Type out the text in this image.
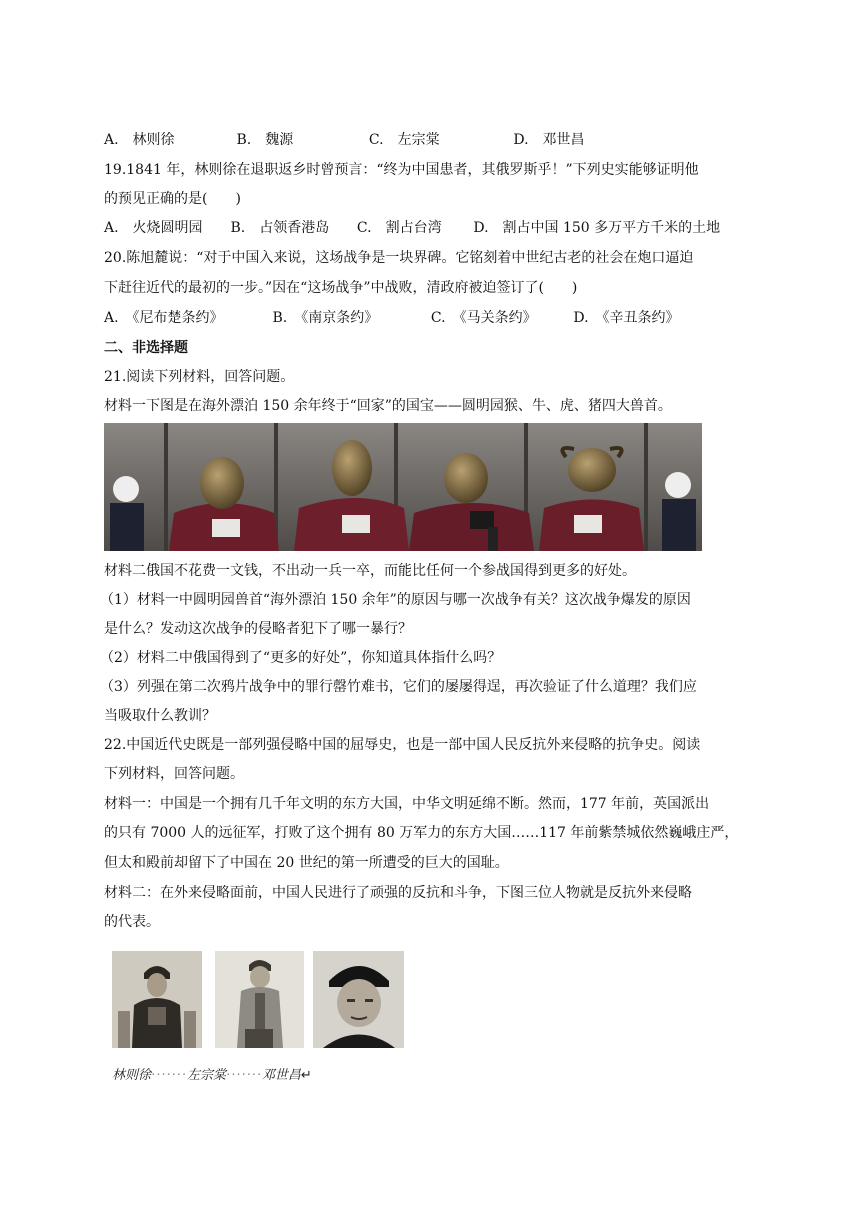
A.　林则徐	B.　魏源	C.　左宗棠	D.　邓世昌
19.1841 年，林则徐在退职返乡时曾预言：“终为中国患者，其俄罗斯乎！”下列史实能够证明他
的预见正确的是(　　)
A.　火烧圆明园 B.　占领香港岛 C.　割占台湾 D.　割占中国 150 多万平方千米的土地
20.陈旭麓说：“对于中国入来说，这场战争是一块界碑。它铭刻着中世纪古老的社会在炮口逼迫
下赶往近代的最初的一步。”因在“这场战争”中战败，清政府被迫签订了(　　)
A.　《尼布楚条约》	B.　《南京条约》	C.　《马关条约》	D.　《辛丑条约》
二、非选择题
21.阅读下列材料，回答问题。
材料一下图是在海外漂泊 150 余年终于“回家”的国宝——圆明园猴、牛、虎、猪四大兽首。
材料二俄国不花费一文钱，不出动一兵一卒，而能比任何一个参战国得到更多的好处。
（1）材料一中圆明园兽首“海外漂泊 150 余年”的原因与哪一次战争有关？这次战争爆发的原因
是什么？发动这次战争的侵略者犯下了哪一暴行？
（2）材料二中俄国得到了“更多的好处”，你知道具体指什么吗？
（3）列强在第二次鸦片战争中的罪行罄竹难书，它们的屡屡得逞，再次验证了什么道理？我们应
当吸取什么教训？
22.中国近代史既是一部列强侵略中国的屈辱史，也是一部中国人民反抗外来侵略的抗争史。阅读
下列材料，回答问题。
材料一：中国是一个拥有几千年文明的东方大国，中华文明延绵不断。然而，177 年前，英国派出
的只有 7000 人的远征军，打败了这个拥有 80 万军力的东方大国……117 年前紫禁城依然巍峨庄严，
但太和殿前却留下了中国在 20 世纪的第一所遭受的巨大的国耻。
材料二：在外来侵略面前，中国人民进行了顽强的反抗和斗争，下图三位人物就是反抗外来侵略
的代表。
林则徐·······左宗棠·······邓世昌↵
